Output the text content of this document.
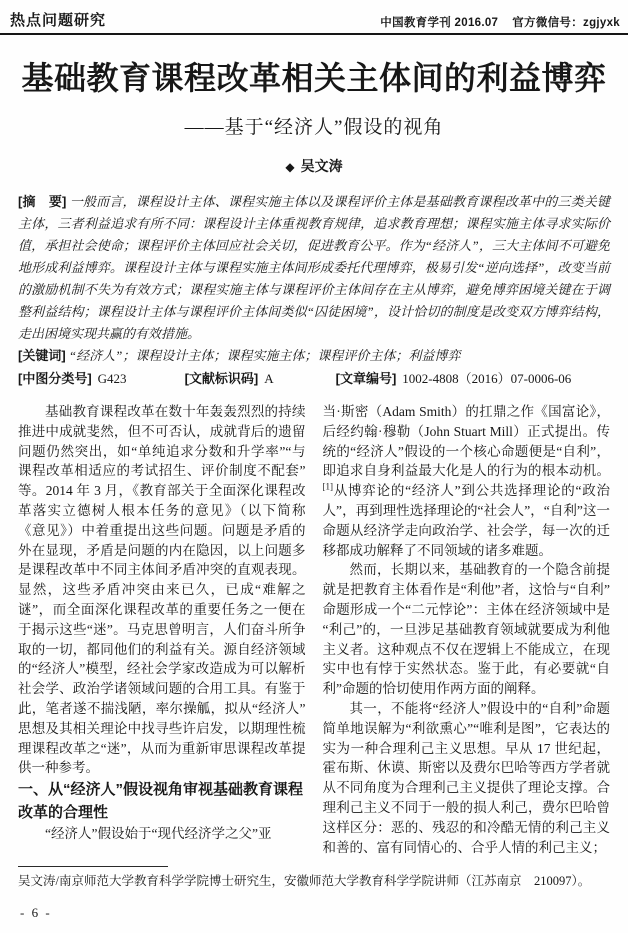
热点问题研究	中国教育学刊 2016.07 官方微信号：zgjyxk
基础教育课程改革相关主体间的利益博弈
——基于“经济人”假设的视角
◆ 吴文涛

[摘　要] 一般而言，课程设计主体、课程实施主体以及课程评价主体是基础教育课程改革中的三类关键主体，三者利益追求有所不同：课程设计主体重视教育规律，追求教育理想；课程实施主体寻求实际价值，承担社会使命；课程评价主体回应社会关切，促进教育公平。作为“经济人”，三大主体间不可避免地形成利益博弈。课程设计主体与课程实施主体间形成委托代理博弈，极易引发“逆向选择”，改变当前的激励机制不失为有效方式；课程实施主体与课程评价主体间存在主从博弈，避免博弈困境关键在于调整利益结构；课程设计主体与课程评价主体间类似“囚徒困境”，设计恰切的制度是改变双方博弈结构，走出困境实现共赢的有效措施。

[关键词] “经济人”；课程设计主体；课程实施主体；课程评价主体；利益博弈

[中图分类号] G423	[文献标识码] A	[文章编号] 1002-4808（2016）07-0006-06

基础教育课程改革在数十年轰轰烈烈的持续推进中成就斐然，但不可否认，成就背后的遗留问题仍然突出，如“单纯追求分数和升学率”“与课程改革相适应的考试招生、评价制度不配套”等。2014 年 3 月，《教育部关于全面深化课程改革落实立德树人根本任务的意见》（以下简称《意见》）中着重提出这些问题。问题是矛盾的外在显现，矛盾是问题的内在隐因，以上问题多是课程改革中不同主体间矛盾冲突的直观表现。显然，这些矛盾冲突由来已久，已成“难解之谜”，而全面深化课程改革的重要任务之一便在于揭示这些“迷”。马克思曾明言，人们奋斗所争取的一切，都同他们的利益有关。源自经济领域的“经济人”模型，经社会学家改造成为可以解析社会学、政治学诸领域问题的合用工具。有鉴于此，笔者遂不揣浅陋，率尔操觚，拟从“经济人”思想及其相关理论中找寻些许启发，以期理性梳理课程改革之“迷”，从而为重新审思课程改革提供一种参考。

一、从“经济人”假设视角审视基础教育课程改革的合理性

“经济人”假设始于“现代经济学之父”亚

当·斯密（Adam Smith）的扛鼎之作《国富论》，后经约翰·穆勒（John Stuart Mill）正式提出。传统的“经济人”假设的一个核心命题便是“自利”，即追求自身利益最大化是人的行为的根本动机。[1]从博弈论的“经济人”到公共选择理论的“政治人”，再到理性选择理论的“社会人”，“自利”这一命题从经济学走向政治学、社会学，每一次的迁移都成功解释了不同领域的诸多难题。

然而，长期以来，基础教育的一个隐含前提就是把教育主体看作是“利他”者，这恰与“自利”命题形成一个“二元悖论”：主体在经济领域中是“利己”的，一旦涉足基础教育领域就要成为利他主义者。这种观点不仅在逻辑上不能成立，在现实中也有悖于实然状态。鉴于此，有必要就“自利”命题的恰切使用作两方面的阐释。

其一，不能将“经济人”假设中的“自利”命题简单地误解为“利欲熏心”“唯利是图”，它表达的实为一种合理利己主义思想。早从 17 世纪起，霍布斯、休谟、斯密以及费尔巴哈等西方学者就从不同角度为合理利己主义提供了理论支撑。合理利己主义不同于一般的损人利己，费尔巴哈曾这样区分：恶的、残忍的和冷酷无情的利己主义和善的、富有同情心的、合乎人情的利己主义；

吴文涛/南京师范大学教育科学学院博士研究生，安徽师范大学教育科学学院讲师（江苏南京　210097）。
- 6 -
